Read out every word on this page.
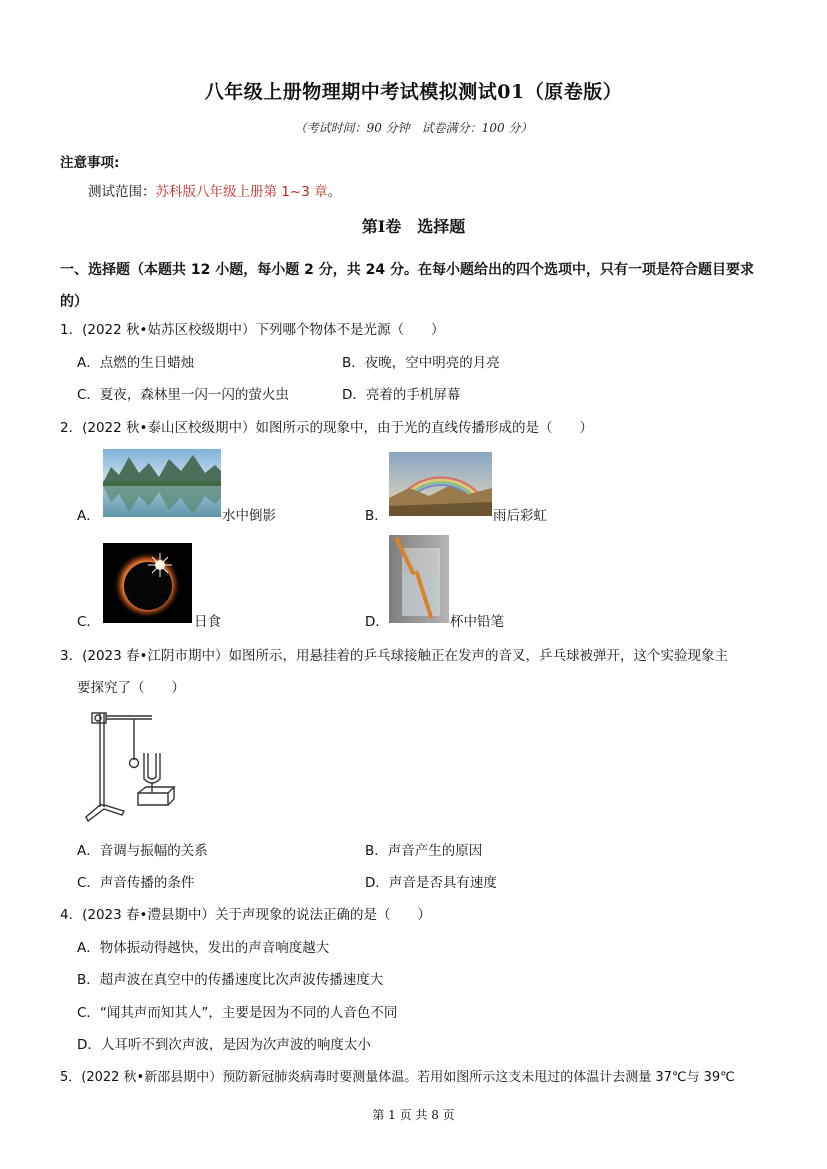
八年级上册物理期中考试模拟测试01（原卷版）
（考试时间：90 分钟　试卷满分：100 分）
注意事项:
测试范围：苏科版八年级上册第 1~3 章。
第Ⅰ卷　选择题
一、选择题（本题共 12 小题，每小题 2 分，共 24 分。在每小题给出的四个选项中，只有一项是符合题目要求的）
1．(2022 秋•姑苏区校级期中）下列哪个物体不是光源（　　）
A．点燃的生日蜡烛	B．夜晚，空中明亮的月亮
C．夏夜，森林里一闪一闪的萤火虫	D．亮着的手机屏幕
2．(2022 秋•泰山区校级期中）如图所示的现象中，由于光的直线传播形成的是（　　）
A．	水中倒影	B．	雨后彩虹
C．	日食	D．	杯中铅笔
3．(2023 春•江阴市期中）如图所示，用悬挂着的乒乓球接触正在发声的音叉，乒乓球被弹开，这个实验现象主
要探究了（　　）
A．音调与振幅的关系	B．声音产生的原因
C．声音传播的条件	D．声音是否具有速度
4．(2023 春•澧县期中）关于声现象的说法正确的是（　　）
A．物体振动得越快，发出的声音响度越大
B．超声波在真空中的传播速度比次声波传播速度大
C．“闻其声而知其人”，主要是因为不同的人音色不同
D．人耳听不到次声波，是因为次声波的响度太小
5．(2022 秋•新邵县期中）预防新冠肺炎病毒时要测量体温。若用如图所示这支未甩过的体温计去测量 37℃与 39℃
第 1 页 共 8 页
